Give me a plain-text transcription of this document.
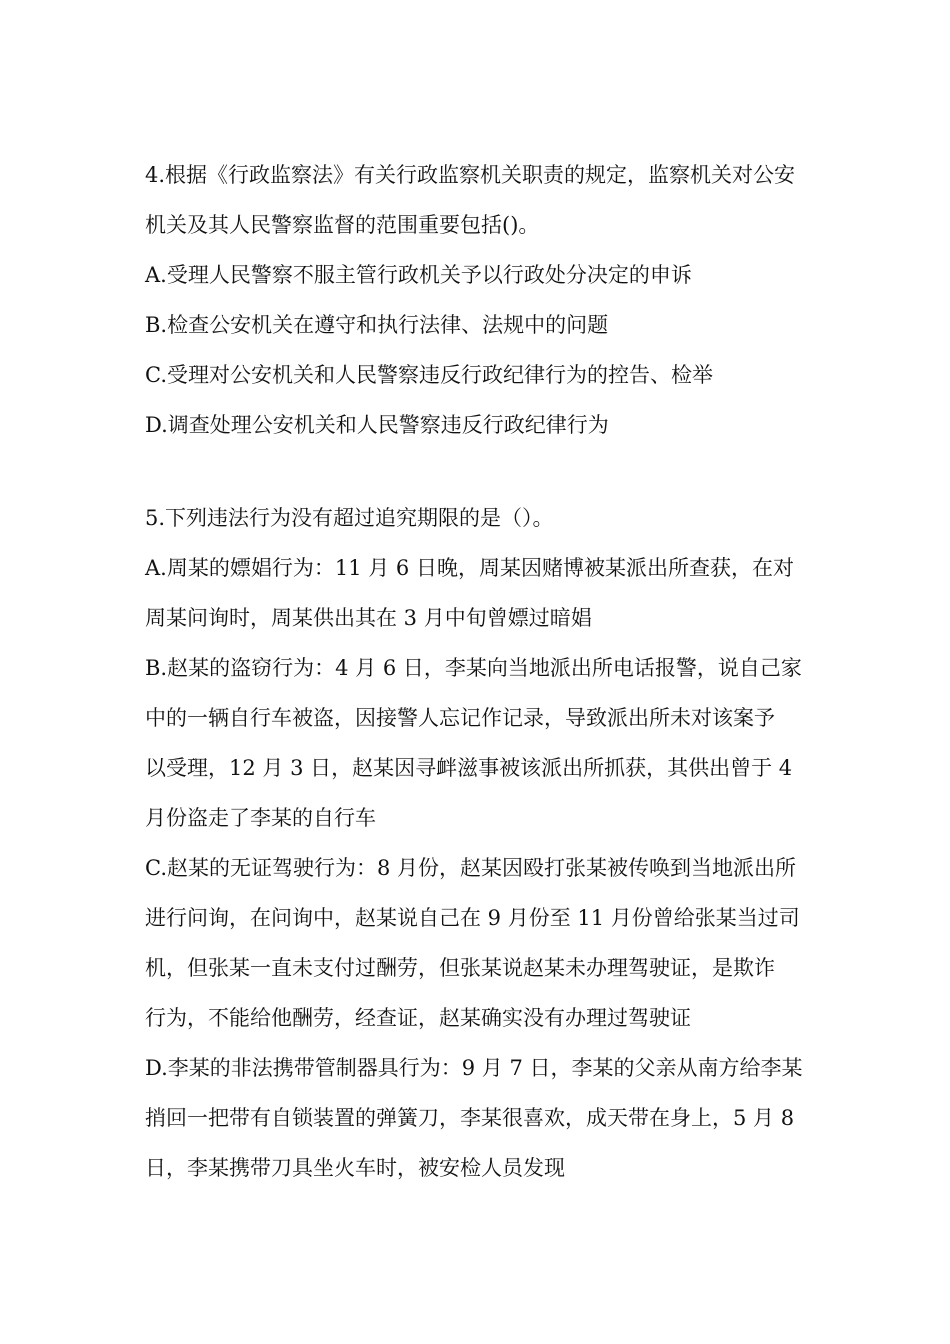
4.根据《行政监察法》有关行政监察机关职责的规定，监察机关对公安
机关及其人民警察监督的范围重要包括()。
A.受理人民警察不服主管行政机关予以行政处分决定的申诉
B.检查公安机关在遵守和执行法律、法规中的问题
C.受理对公安机关和人民警察违反行政纪律行为的控告、检举
D.调查处理公安机关和人民警察违反行政纪律行为
5.下列违法行为没有超过追究期限的是（）。
A.周某的嫖娼行为：11 月 6 日晚，周某因赌博被某派出所查获，在对
周某问询时，周某供出其在 3 月中旬曾嫖过暗娼
B.赵某的盗窃行为：4 月 6 日，李某向当地派出所电话报警，说自己家
中的一辆自行车被盗，因接警人忘记作记录，导致派出所未对该案予
以受理，12 月 3 日，赵某因寻衅滋事被该派出所抓获，其供出曾于 4
月份盗走了李某的自行车
C.赵某的无证驾驶行为：8 月份，赵某因殴打张某被传唤到当地派出所
进行问询，在问询中，赵某说自己在 9 月份至 11 月份曾给张某当过司
机，但张某一直未支付过酬劳，但张某说赵某未办理驾驶证，是欺诈
行为，不能给他酬劳，经查证，赵某确实没有办理过驾驶证
D.李某的非法携带管制器具行为：9 月 7 日，李某的父亲从南方给李某
捎回一把带有自锁装置的弹簧刀，李某很喜欢，成天带在身上，5 月 8
日，李某携带刀具坐火车时，被安检人员发现
